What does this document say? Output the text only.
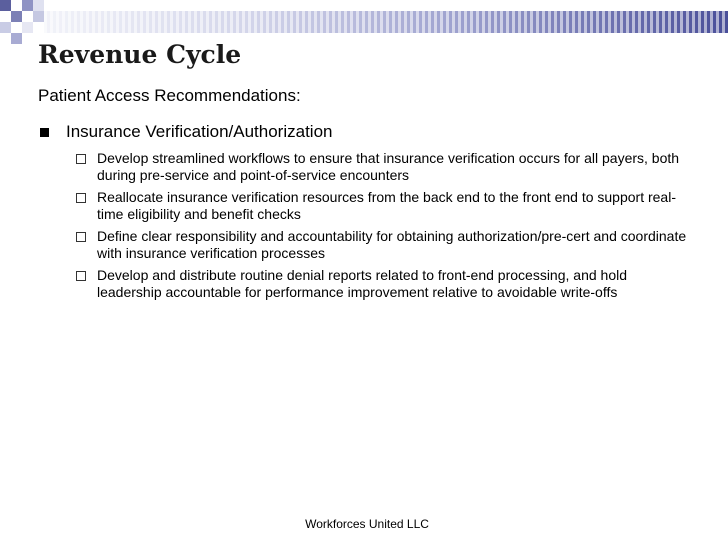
Revenue Cycle
Patient Access Recommendations:
Insurance Verification/Authorization
Develop streamlined workflows to ensure that insurance verification occurs for all payers, both during pre-service and point-of-service encounters
Reallocate insurance verification resources from the back end to the front end to support real-time eligibility and benefit checks
Define clear responsibility and accountability for obtaining authorization/pre-cert and coordinate with insurance verification processes
Develop and distribute routine denial reports related to front-end processing, and hold leadership accountable for performance improvement relative to avoidable write-offs
Workforces United LLC
